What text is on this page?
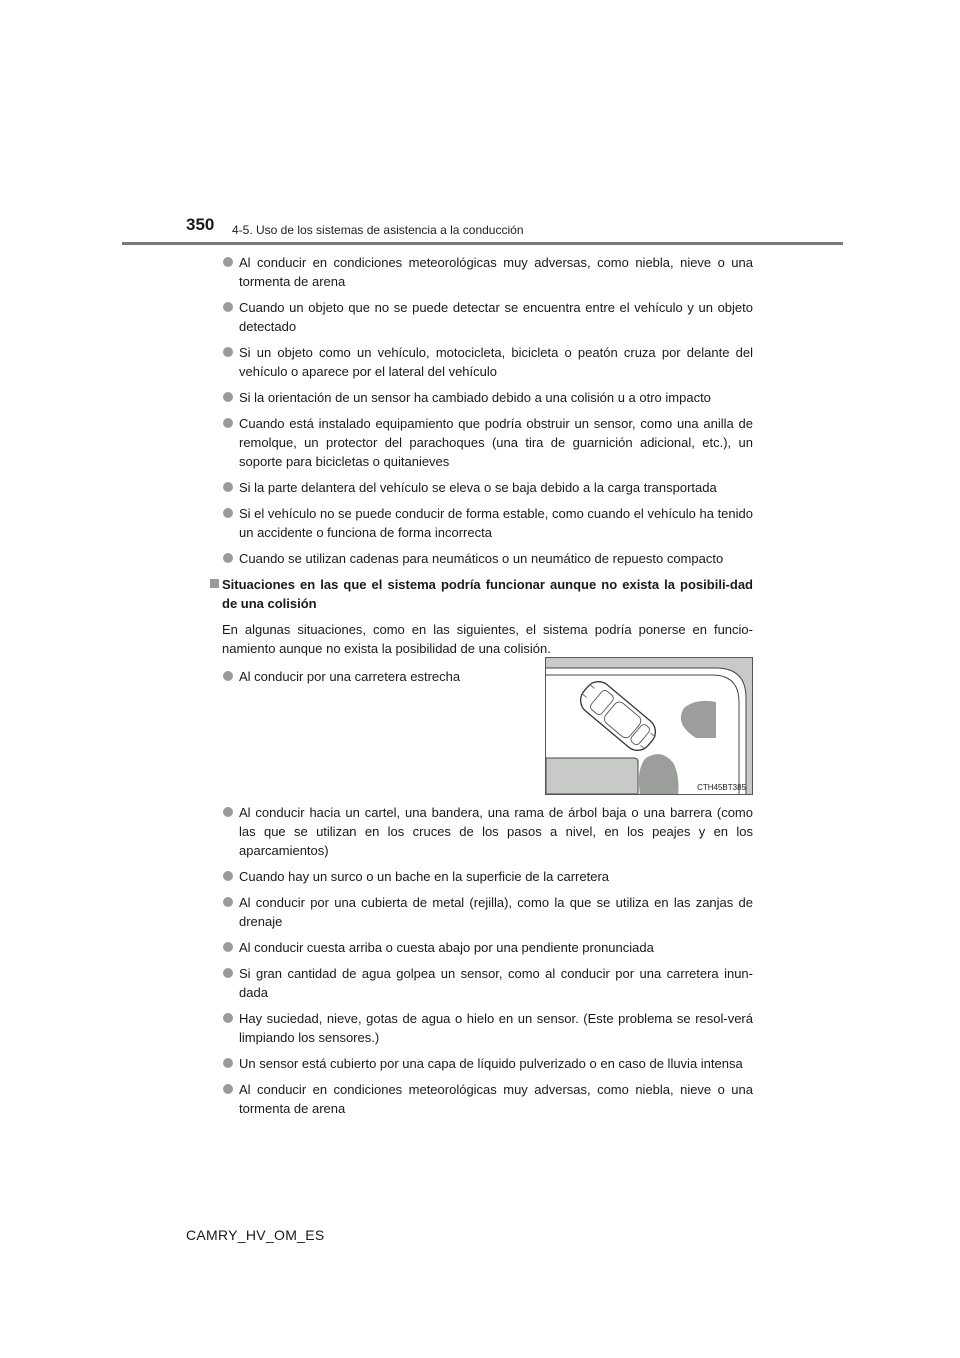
350 4-5. Uso de los sistemas de asistencia a la conducción
Al conducir en condiciones meteorológicas muy adversas, como niebla, nieve o una tormenta de arena
Cuando un objeto que no se puede detectar se encuentra entre el vehículo y un objeto detectado
Si un objeto como un vehículo, motocicleta, bicicleta o peatón cruza por delante del vehículo o aparece por el lateral del vehículo
Si la orientación de un sensor ha cambiado debido a una colisión u a otro impacto
Cuando está instalado equipamiento que podría obstruir un sensor, como una anilla de remolque, un protector del parachoques (una tira de guarnición adicional, etc.), un soporte para bicicletas o quitanieves
Si la parte delantera del vehículo se eleva o se baja debido a la carga transportada
Si el vehículo no se puede conducir de forma estable, como cuando el vehículo ha tenido un accidente o funciona de forma incorrecta
Cuando se utilizan cadenas para neumáticos o un neumático de repuesto compacto
Situaciones en las que el sistema podría funcionar aunque no exista la posibili-dad de una colisión
En algunas situaciones, como en las siguientes, el sistema podría ponerse en funcio-namiento aunque no exista la posibilidad de una colisión.
Al conducir por una carretera estrecha
CTH45BT385
Al conducir hacia un cartel, una bandera, una rama de árbol baja o una barrera (como las que se utilizan en los cruces de los pasos a nivel, en los peajes y en los aparcamientos)
Cuando hay un surco o un bache en la superficie de la carretera
Al conducir por una cubierta de metal (rejilla), como la que se utiliza en las zanjas de drenaje
Al conducir cuesta arriba o cuesta abajo por una pendiente pronunciada
Si gran cantidad de agua golpea un sensor, como al conducir por una carretera inun-dada
Hay suciedad, nieve, gotas de agua o hielo en un sensor. (Este problema se resol-verá limpiando los sensores.)
Un sensor está cubierto por una capa de líquido pulverizado o en caso de lluvia intensa
Al conducir en condiciones meteorológicas muy adversas, como niebla, nieve o una tormenta de arena
CAMRY_HV_OM_ES
